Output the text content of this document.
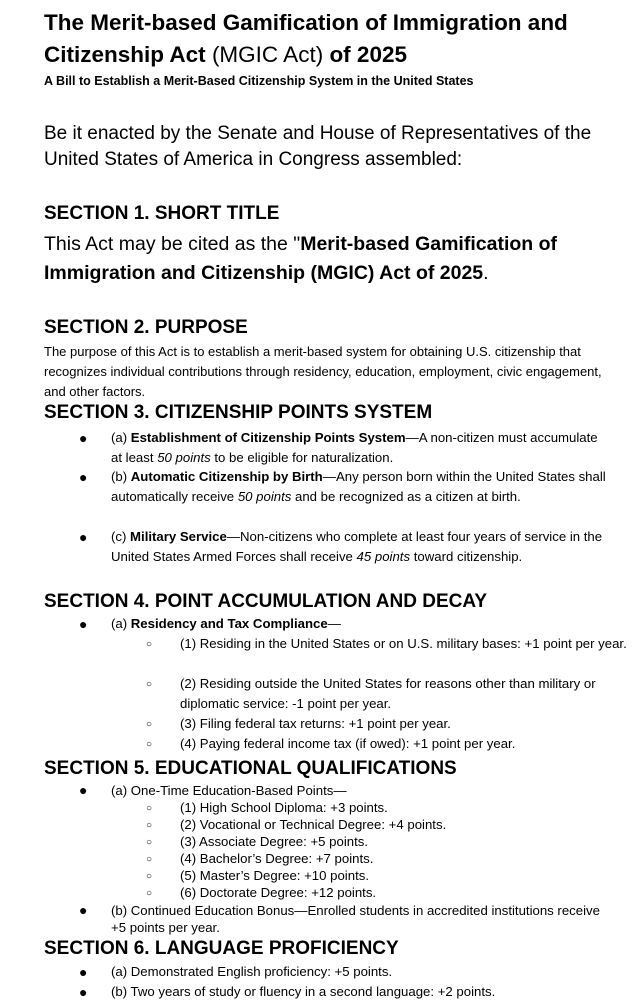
The Merit-based Gamification of Immigration and
Citizenship Act (MGIC Act) of 2025
A Bill to Establish a Merit-Based Citizenship System in the United States
Be it enacted by the Senate and House of Representatives of the United States of America in Congress assembled:
SECTION 1. SHORT TITLE
This Act may be cited as the "Merit-based Gamification of Immigration and Citizenship (MGIC) Act of 2025.
SECTION 2. PURPOSE
The purpose of this Act is to establish a merit-based system for obtaining U.S. citizenship that recognizes individual contributions through residency, education, employment, civic engagement, and other factors.
SECTION 3. CITIZENSHIP POINTS SYSTEM
● (a) Establishment of Citizenship Points System—A non-citizen must accumulate at least 50 points to be eligible for naturalization.
● (b) Automatic Citizenship by Birth—Any person born within the United States shall automatically receive 50 points and be recognized as a citizen at birth.
● (c) Military Service—Non-citizens who complete at least four years of service in the United States Armed Forces shall receive 45 points toward citizenship.
SECTION 4. POINT ACCUMULATION AND DECAY
● (a) Residency and Tax Compliance—
○ (1) Residing in the United States or on U.S. military bases: +1 point per year.
○ (2) Residing outside the United States for reasons other than military or diplomatic service: -1 point per year.
○ (3) Filing federal tax returns: +1 point per year.
○ (4) Paying federal income tax (if owed): +1 point per year.
SECTION 5. EDUCATIONAL QUALIFICATIONS
● (a) One-Time Education-Based Points—
○ (1) High School Diploma: +3 points.
○ (2) Vocational or Technical Degree: +4 points.
○ (3) Associate Degree: +5 points.
○ (4) Bachelor’s Degree: +7 points.
○ (5) Master’s Degree: +10 points.
○ (6) Doctorate Degree: +12 points.
● (b) Continued Education Bonus—Enrolled students in accredited institutions receive +5 points per year.
SECTION 6. LANGUAGE PROFICIENCY
● (a) Demonstrated English proficiency: +5 points.
● (b) Two years of study or fluency in a second language: +2 points.
